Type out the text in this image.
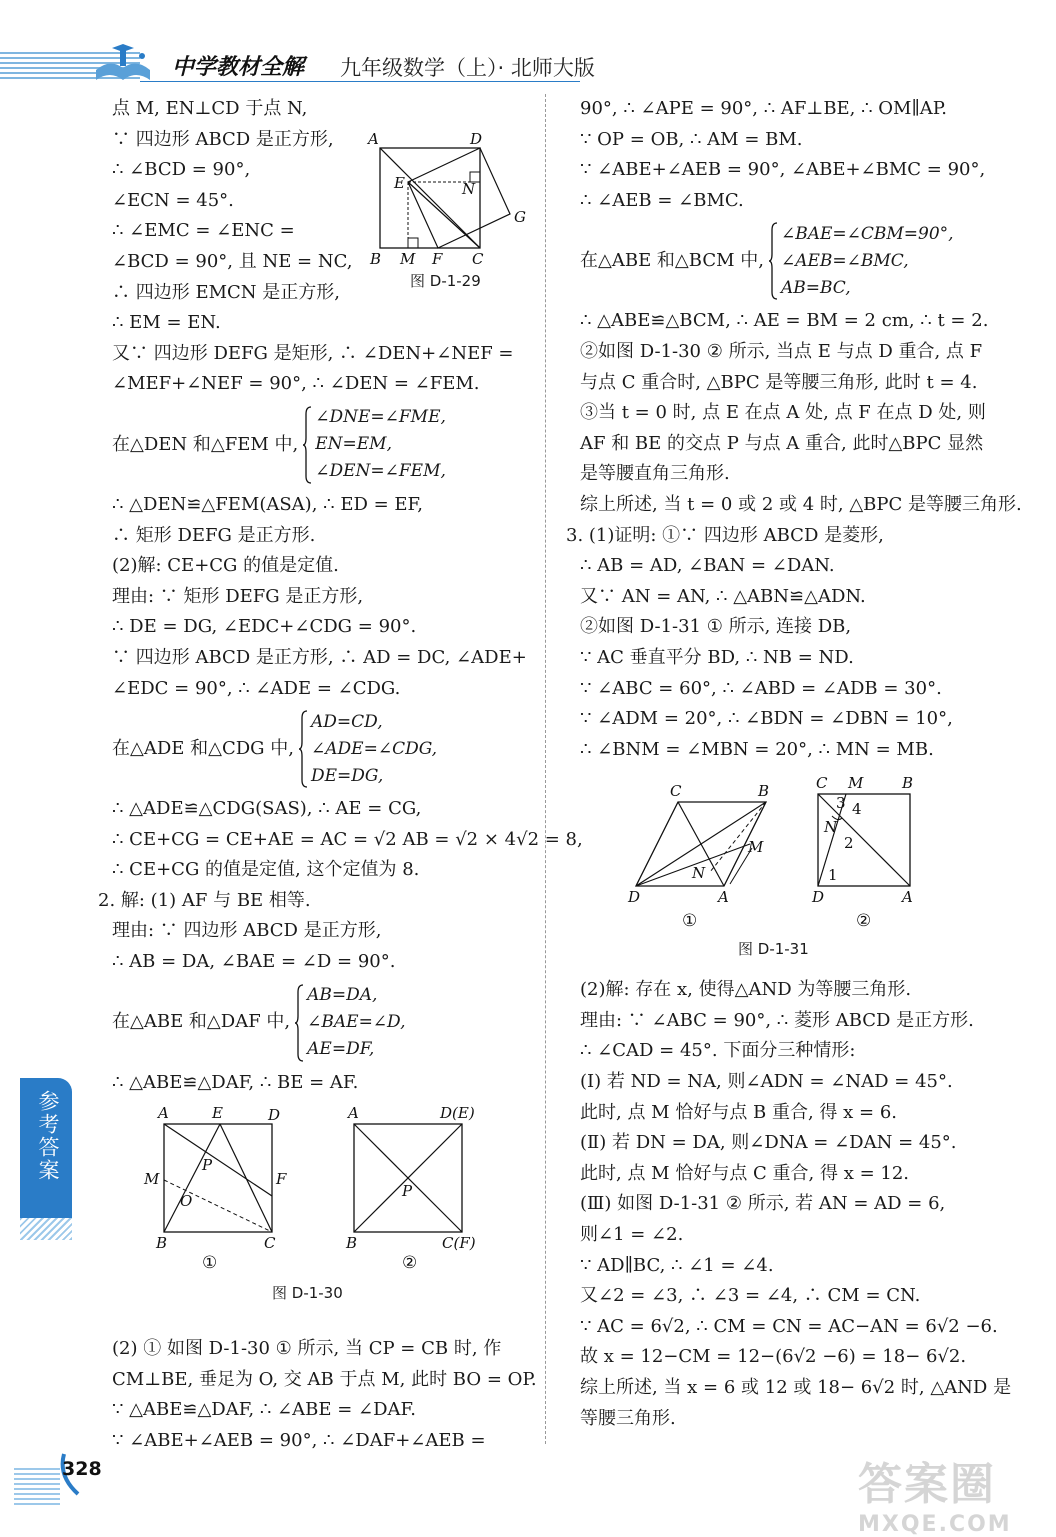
中学教材全解 九年级数学（上）· 北师大版
点 M, EN⊥CD 于点 N,
∵ 四边形 ABCD 是正方形,
∴ ∠BCD = 90°,
∠ECN = 45°.
∴ ∠EMC = ∠ENC =
∠BCD = 90°, 且 NE = NC,
∴ 四边形 EMCN 是正方形,
∴ EM = EN.
又∵ 四边形 DEFG 是矩形, ∴ ∠DEN+∠NEF =
∠MEF+∠NEF = 90°, ∴ ∠DEN = ∠FEM.
在△DEN 和△FEM 中,
∠DNE=∠FME,
EN=EM,
∠DEN=∠FEM,
∴ △DEN≌△FEM(ASA), ∴ ED = EF,
∴ 矩形 DEFG 是正方形.
(2)解: CE+CG 的值是定值.
理由: ∵ 矩形 DEFG 是正方形,
∴ DE = DG, ∠EDC+∠CDG = 90°.
∵ 四边形 ABCD 是正方形, ∴ AD = DC, ∠ADE+
∠EDC = 90°, ∴ ∠ADE = ∠CDG.
在△ADE 和△CDG 中,
AD=CD,
∠ADE=∠CDG,
DE=DG,
∴ △ADE≌△CDG(SAS), ∴ AE = CG,
∴ CE+CG = CE+AE = AC = √2 AB = √2 × 4√2 = 8,
∴ CE+CG 的值是定值, 这个定值为 8.
2. 解: (1) AF 与 BE 相等.
理由: ∵ 四边形 ABCD 是正方形,
∴ AB = DA, ∠BAE = ∠D = 90°.
在△ABE 和△DAF 中,
AB=DA,
∠BAE=∠D,
AE=DF,
∴ △ABE≌△DAF, ∴ BE = AF.
(2) ① 如图 D-1-30 ① 所示, 当 CP = CB 时, 作
CM⊥BE, 垂足为 O, 交 AB 于点 M, 此时 BO = OP.
∵ △ABE≌△DAF, ∴ ∠ABE = ∠DAF.
∵ ∠ABE+∠AEB = 90°, ∴ ∠DAF+∠AEB =
A	D
E	N
G
B M F C
图 D-1-29
A	E	D
P
F
M
O
B	C
A	D(E)
P
B	C(F)
①	②
图 D-1-30
90°, ∴ ∠APE = 90°, ∴ AF⊥BE, ∴ OM∥AP.
∵ OP = OB, ∴ AM = BM.
∵ ∠ABE+∠AEB = 90°, ∠ABE+∠BMC = 90°,
∴ ∠AEB = ∠BMC.
在△ABE 和△BCM 中,
∠BAE=∠CBM=90°,
∠AEB=∠BMC,
AB=BC,
∴ △ABE≌△BCM, ∴ AE = BM = 2 cm, ∴ t = 2.
②如图 D-1-30 ② 所示, 当点 E 与点 D 重合, 点 F
与点 C 重合时, △BPC 是等腰三角形, 此时 t = 4.
③当 t = 0 时, 点 E 在点 A 处, 点 F 在点 D 处, 则
AF 和 BE 的交点 P 与点 A 重合, 此时△BPC 显然
是等腰直角三角形.
综上所述, 当 t = 0 或 2 或 4 时, △BPC 是等腰三角形.
3. (1)证明: ①∵ 四边形 ABCD 是菱形,
∴ AB = AD, ∠BAN = ∠DAN.
又∵ AN = AN, ∴ △ABN≌△ADN.
②如图 D-1-31 ① 所示, 连接 DB,
∵ AC 垂直平分 BD, ∴ NB = ND.
∵ ∠ABC = 60°, ∴ ∠ABD = ∠ADB = 30°.
∵ ∠ADM = 20°, ∴ ∠BDN = ∠DBN = 10°,
∴ ∠BNM = ∠MBN = 20°, ∴ MN = MB.
(2)解: 存在 x, 使得△AND 为等腰三角形.
理由: ∵ ∠ABC = 90°, ∴ 菱形 ABCD 是正方形.
∴ ∠CAD = 45°. 下面分三种情形:
(Ⅰ) 若 ND = NA, 则∠ADN = ∠NAD = 45°.
此时, 点 M 恰好与点 B 重合, 得 x = 6.
(Ⅱ) 若 DN = DA, 则∠DNA = ∠DAN = 45°.
此时, 点 M 恰好与点 C 重合, 得 x = 12.
(Ⅲ) 如图 D-1-31 ② 所示, 若 AN = AD = 6,
则∠1 = ∠2.
∵ AD∥BC, ∴ ∠1 = ∠4.
又∠2 = ∠3, ∴ ∠3 = ∠4, ∴ CM = CN.
∵ AC = 6√2, ∴ CM = CN = AC−AN = 6√2 −6.
故 x = 12−CM = 12−(6√2 −6) = 18− 6√2.
综上所述, 当 x = 6 或 12 或 18− 6√2 时, △AND 是
等腰三角形.
C	B
M
N
D	A
C M	B
3 4
N
2
1
D	A
①	②
图 D-1-31
参考答案
328	答案圈
MXQE.COM
